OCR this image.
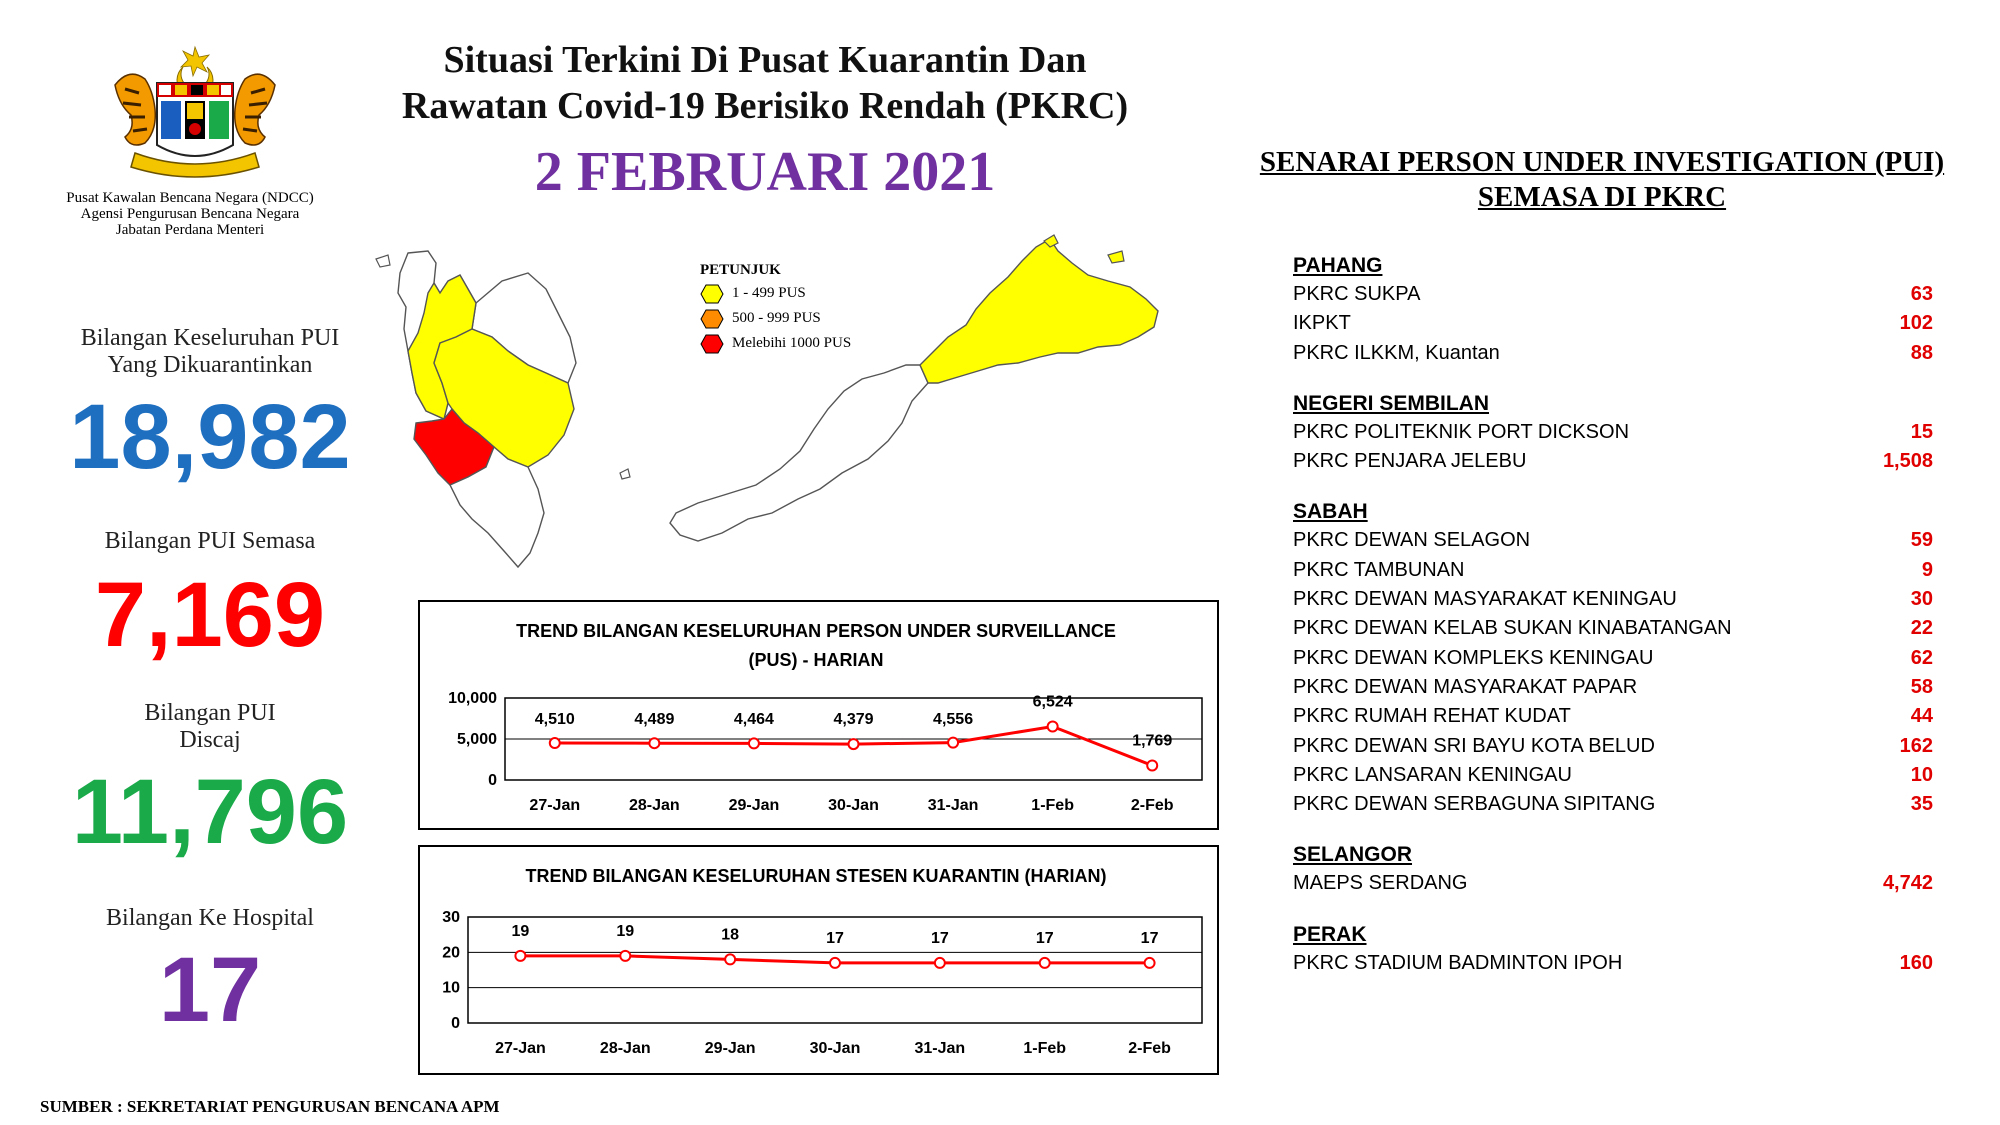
Pusat Kawalan Bencana Negara (NDCC)
Agensi Pengurusan Bencana Negara
Jabatan Perdana Menteri
Situasi Terkini Di Pusat Kuarantin Dan
Rawatan Covid-19 Berisiko Rendah (PKRC)
2 FEBRUARI 2021
Bilangan Keseluruhan PUI
Yang Dikuarantinkan
18,982
Bilangan PUI Semasa
7,169
Bilangan PUI
Discaj
11,796
Bilangan Ke Hospital
17
PETUNJUK
1 - 499 PUS
500 - 999 PUS
Melebihi 1000 PUS
TREND BILANGAN KESELURUHAN PERSON UNDER SURVEILLANCE
(PUS) - HARIAN
0
5,000
10,000
4,510
27-Jan
4,489
28-Jan
4,464
29-Jan
4,379
30-Jan
4,556
31-Jan
6,524
1-Feb
1,769
2-Feb
TREND BILANGAN KESELURUHAN STESEN KUARANTIN (HARIAN)
0
10
20
30
19
27-Jan
19
28-Jan
18
29-Jan
17
30-Jan
17
31-Jan
17
1-Feb
17
2-Feb
SENARAI PERSON UNDER INVESTIGATION (PUI)
SEMASA DI PKRC
PAHANG
PKRC SUKPA	63
IKPKT	102
PKRC ILKKM, Kuantan	88
NEGERI SEMBILAN
PKRC POLITEKNIK PORT DICKSON	15
PKRC PENJARA JELEBU	1,508
SABAH
PKRC DEWAN SELAGON	59
PKRC TAMBUNAN	9
PKRC DEWAN MASYARAKAT KENINGAU	30
PKRC DEWAN KELAB SUKAN KINABATANGAN	22
PKRC DEWAN KOMPLEKS KENINGAU	62
PKRC DEWAN MASYARAKAT PAPAR	58
PKRC RUMAH REHAT KUDAT	44
PKRC DEWAN SRI BAYU KOTA BELUD	162
PKRC LANSARAN KENINGAU	10
PKRC DEWAN SERBAGUNA SIPITANG	35
SELANGOR
MAEPS SERDANG	4,742
PERAK
PKRC STADIUM BADMINTON IPOH	160
SUMBER : SEKRETARIAT PENGURUSAN BENCANA APM
